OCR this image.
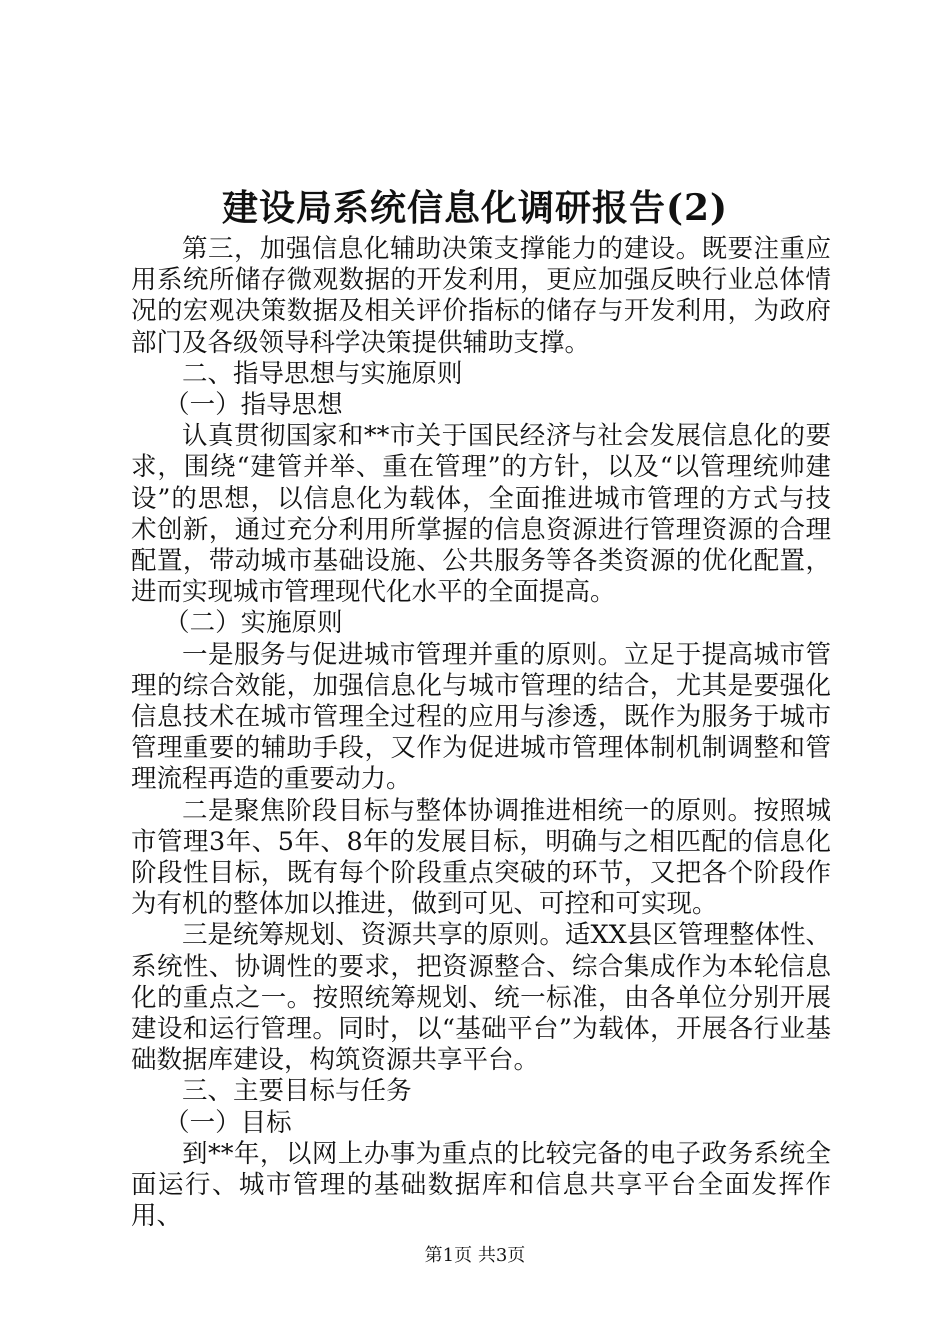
建设局系统信息化调研报告(2)

第三，加强信息化辅助决策支撑能力的建设。既要注重应用系统所储存微观数据的开发利用，更应加强反映行业总体情况的宏观决策数据及相关评价指标的储存与开发利用，为政府部门及各级领导科学决策提供辅助支撑。

二、指导思想与实施原则

（一）指导思想

认真贯彻国家和**市关于国民经济与社会发展信息化的要求，围绕“建管并举、重在管理”的方针，以及“以管理统帅建设”的思想，以信息化为载体，全面推进城市管理的方式与技术创新，通过充分利用所掌握的信息资源进行管理资源的合理配置，带动城市基础设施、公共服务等各类资源的优化配置，进而实现城市管理现代化水平的全面提高。

（二）实施原则

一是服务与促进城市管理并重的原则。立足于提高城市管理的综合效能，加强信息化与城市管理的结合，尤其是要强化信息技术在城市管理全过程的应用与渗透，既作为服务于城市管理重要的辅助手段，又作为促进城市管理体制机制调整和管理流程再造的重要动力。

二是聚焦阶段目标与整体协调推进相统一的原则。按照城市管理3年、5年、8年的发展目标，明确与之相匹配的信息化阶段性目标，既有每个阶段重点突破的环节，又把各个阶段作为有机的整体加以推进，做到可见、可控和可实现。

三是统筹规划、资源共享的原则。适XX县区管理整体性、系统性、协调性的要求，把资源整合、综合集成作为本轮信息化的重点之一。按照统筹规划、统一标准，由各单位分别开展建设和运行管理。同时，以“基础平台”为载体，开展各行业基础数据库建设，构筑资源共享平台。

三、主要目标与任务

（一）目标

到**年，以网上办事为重点的比较完备的电子政务系统全面运行、城市管理的基础数据库和信息共享平台全面发挥作用、

第1页 共3页
